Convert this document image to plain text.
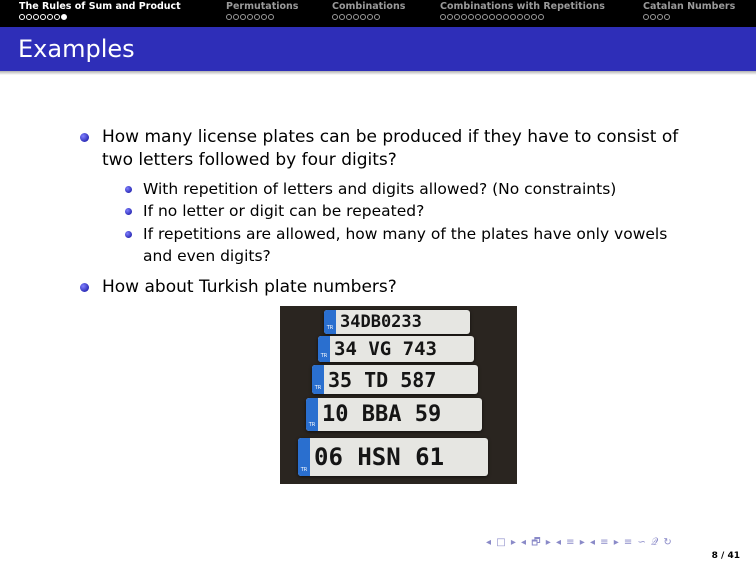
The Rules of Sum and Product	Permutations	Combinations	Combinations with Repetitions	Catalan Numbers
Examples
How many license plates can be produced if they have to consist of two letters followed by four digits?
With repetition of letters and digits allowed? (No constraints)
If no letter or digit can be repeated?
If repetitions are allowed, how many of the plates have only vowels and even digits?
How about Turkish plate numbers?
TR 34DB0233
TR 34 VG 743
TR 35 TD 587
TR 10 BBA 59
TR 06 HSN 61
◂ □ ▸ ◂ 🗗 ▸ ◂ ≡ ▸ ◂ ≡ ▸ ≡ ∽ 𝒬 ↻
8 / 41
